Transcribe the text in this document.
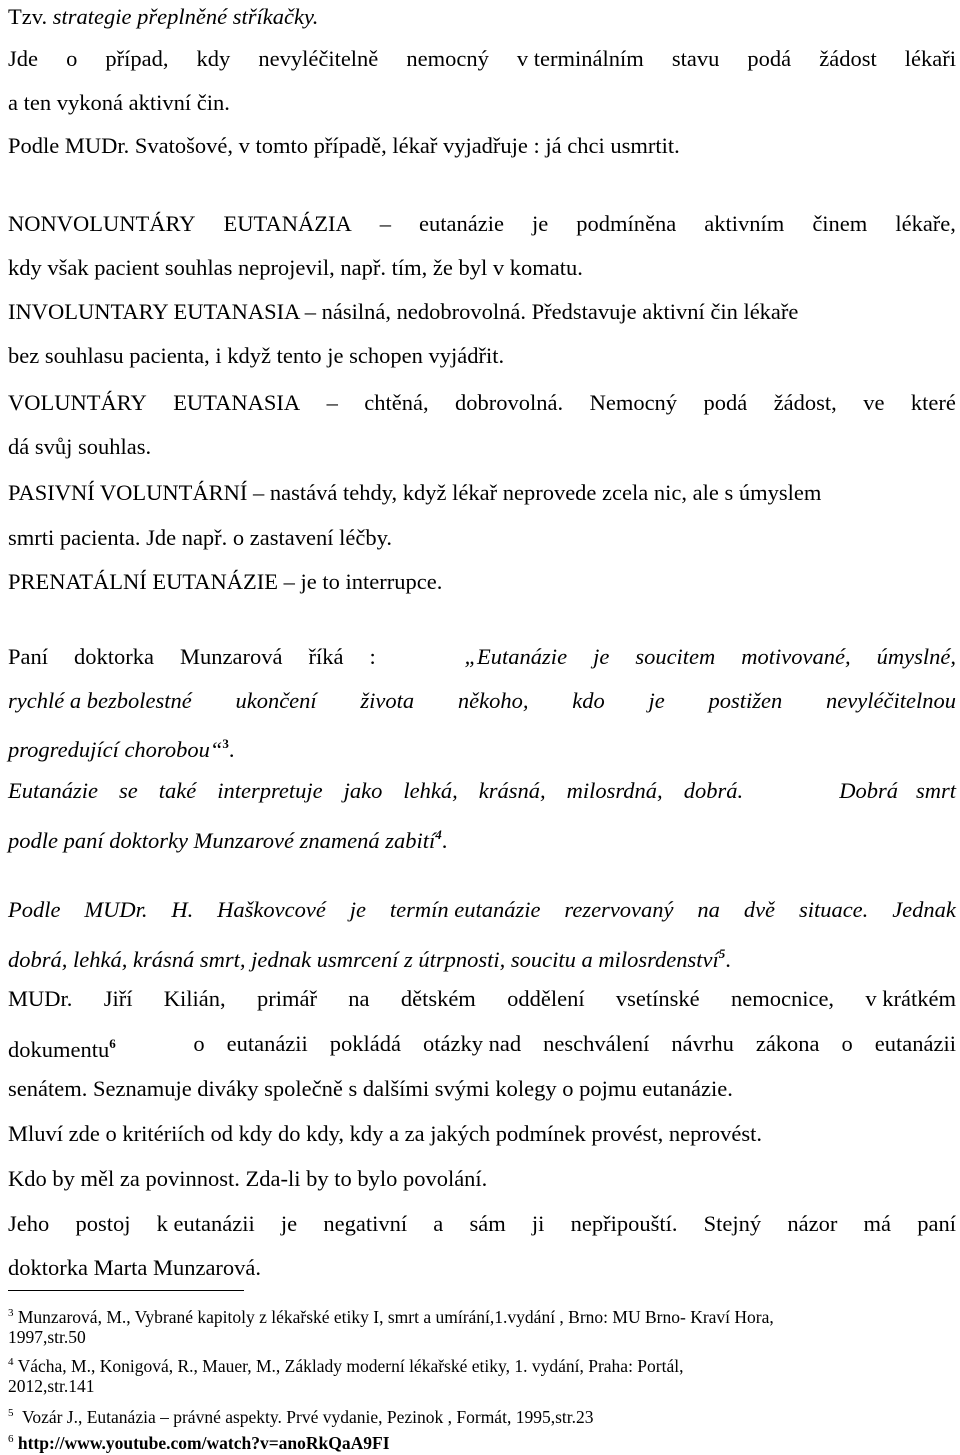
Tzv. strategie přeplněné stříkačky.
Jde o případ, kdy nevyléčitelně nemocný v terminálním stavu podá žádost lékaři
a ten vykoná aktivní čin.
Podle MUDr. Svatošové, v tomto případě, lékař vyjadřuje : já chci usmrtit.
NONVOLUNTÁRY EUTANÁZIA – eutanázie je podmíněna aktivním činem lékaře,
kdy však pacient souhlas neprojevil, např. tím, že byl v komatu.
INVOLUNTARY EUTANASIA – násilná, nedobrovolná. Představuje aktivní čin lékaře
bez souhlasu pacienta, i když tento je schopen vyjádřit.
VOLUNTÁRY EUTANASIA – chtěná, dobrovolná. Nemocný podá žádost, ve které
dá svůj souhlas.
PASIVNÍ VOLUNTÁRNÍ – nastává tehdy, když lékař neprovede zcela nic, ale s úmyslem
smrti pacienta. Jde např. o zastavení léčby.
PRENATÁLNÍ EUTANÁZIE – je to interrupce.
Paní doktorka Munzarová říká :	„Eutanázie je soucitem motivované, úmyslné,
rychlé a bezbolestné ukončení života někoho, kdo je postižen nevyléčitelnou
progredující chorobou“$^3$.
Eutanázie se také interpretuje jako lehká, krásná, milosrdná, dobrá.	Dobrá smrt
podle paní doktorky Munzarové znamená zabití$^4$.
Podle MUDr. H. Haškovcové je termín eutanázie rezervovaný na dvě situace. Jednak
dobrá, lehká, krásná smrt, jednak usmrcení z útrpnosti, soucitu a milosrdenství$^5$.
MUDr. Jiří Kilián, primář na dětském oddělení vsetínské nemocnice, v krátkém
dokumentu$^6$	o eutanázii pokládá otázky nad neschválení návrhu zákona o eutanázii
senátem. Seznamuje diváky společně s dalšími svými kolegy o pojmu eutanázie.
Mluví zde o kritériích od kdy do kdy, kdy a za jakých podmínek provést, neprovést.
Kdo by měl za povinnost. Zda-li by to bylo povolání.
Jeho postoj k eutanázii je negativní a sám ji nepřipouští. Stejný názor má paní
doktorka Marta Munzarová.
$^3$ Munzarová, M., Vybrané kapitoly z lékařské etiky I, smrt a umírání,1.vydání , Brno: MU Brno- Kraví Hora,
1997,str.50
$^4$ Vácha, M., Konigová, R., Mauer, M., Základy moderní lékařské etiky, 1. vydání, Praha: Portál,
2012,str.141
$^5$ Vozár J., Eutanázia – právné aspekty. Prvé vydanie, Pezinok , Formát, 1995,str.23
$^6$ http://www.youtube.com/watch?v=anoRkQaA9FI
